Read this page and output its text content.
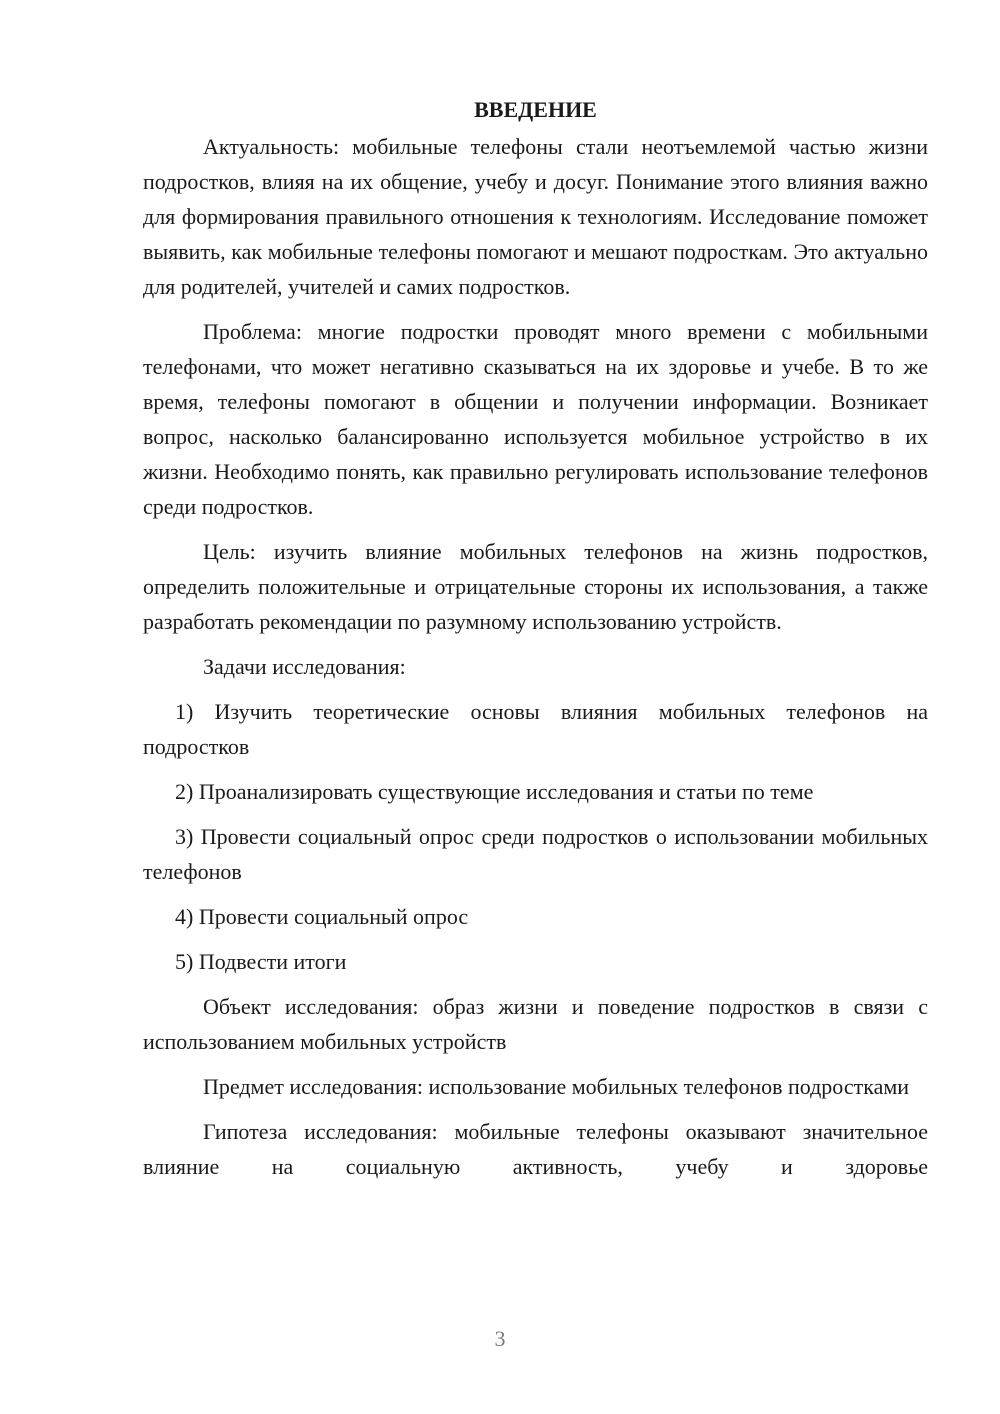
ВВЕДЕНИЕ

Актуальность: мобильные телефоны стали неотъемлемой частью жизни подростков, влияя на их общение, учебу и досуг. Понимание этого влияния важно для формирования правильного отношения к технологиям. Исследование поможет выявить, как мобильные телефоны помогают и мешают подросткам. Это актуально для родителей, учителей и самих подростков.

Проблема: многие подростки проводят много времени с мобильными телефонами, что может негативно сказываться на их здоровье и учебе. В то же время, телефоны помогают в общении и получении информации. Возникает вопрос, насколько балансированно используется мобильное устройство в их жизни. Необходимо понять, как правильно регулировать использование телефонов среди подростков.

Цель: изучить влияние мобильных телефонов на жизнь подростков, определить положительные и отрицательные стороны их использования, а также разработать рекомендации по разумному использованию устройств.

Задачи исследования:

1) Изучить теоретические основы влияния мобильных телефонов на подростков

2) Проанализировать существующие исследования и статьи по теме

3) Провести социальный опрос среди подростков о использовании мобильных телефонов

4) Провести социальный опрос

5) Подвести итоги

Объект исследования: образ жизни и поведение подростков в связи с использованием мобильных устройств

Предмет исследования: использование мобильных телефонов подростками

Гипотеза исследования: мобильные телефоны оказывают значительное влияние на социальную активность, учебу и здоровье

3
